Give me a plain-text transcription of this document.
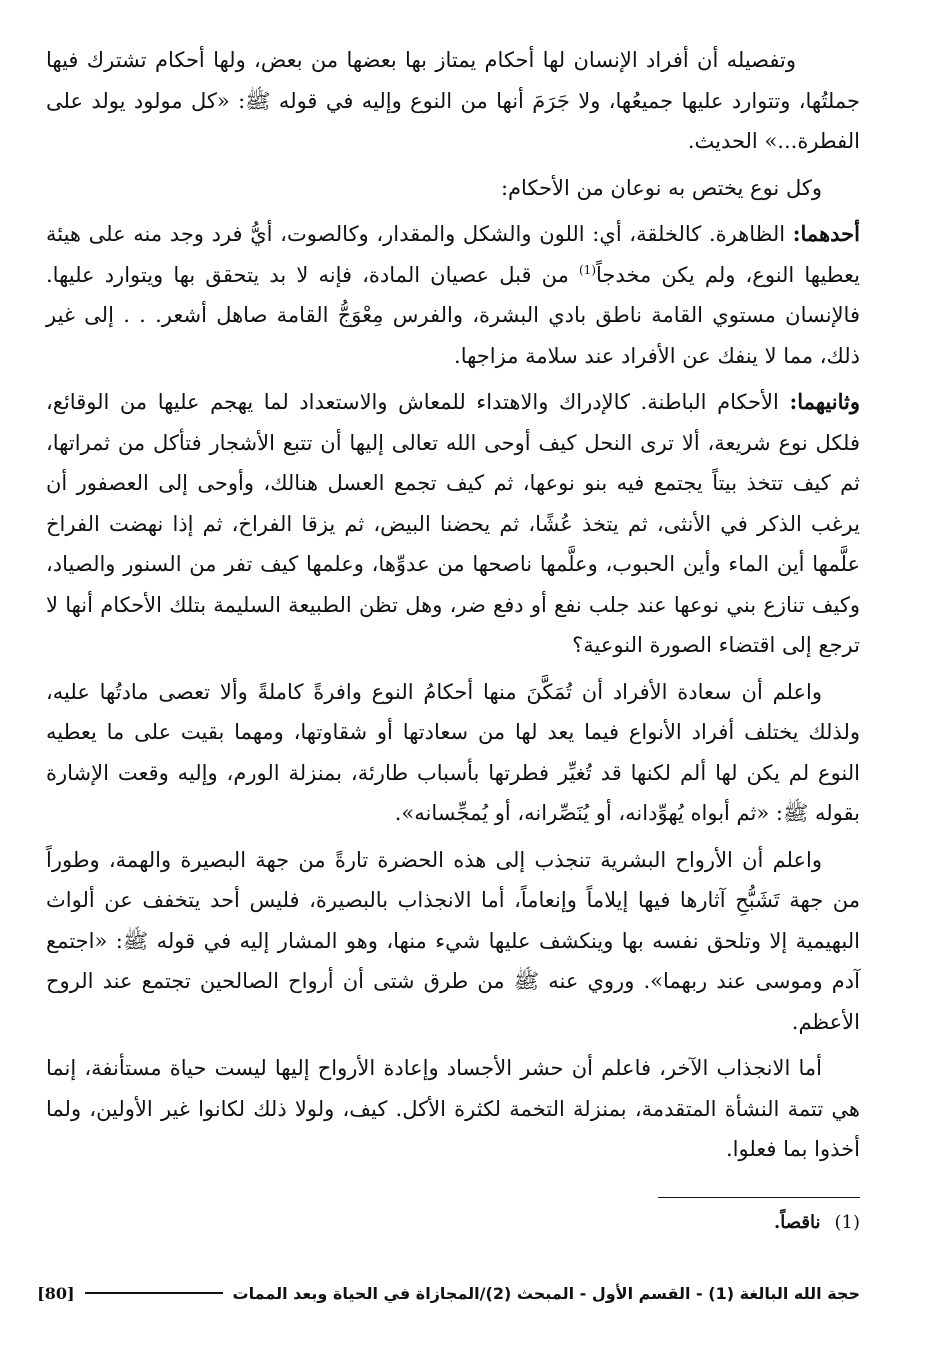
وتفصيله أن أفراد الإنسان لها أحكام يمتاز بها بعضها من بعض، ولها أحكام تشترك فيها جملتُها، وتتوارد عليها جميعُها، ولا جَرَمَ أنها من النوع وإليه في قوله ﷺ: «كل مولود يولد على الفطرة...» الحديث.

وكل نوع يختص به نوعان من الأحكام:

أحدهما: الظاهرة. كالخلقة، أي: اللون والشكل والمقدار، وكالصوت، أيُّ فرد وجد منه على هيئة يعطيها النوع، ولم يكن مخدجاً$^{(1)}$ من قبل عصيان المادة، فإنه لا بد يتحقق بها ويتوارد عليها. فالإنسان مستوي القامة ناطق بادي البشرة، والفرس مِعْوَجُّ القامة صاهل أشعر. . . إلى غير ذلك، مما لا ينفك عن الأفراد عند سلامة مزاجها.

وثانيهما: الأحكام الباطنة. كالإدراك والاهتداء للمعاش والاستعداد لما يهجم عليها من الوقائع، فلكل نوع شريعة، ألا ترى النحل كيف أوحى الله تعالى إليها أن تتبع الأشجار فتأكل من ثمراتها، ثم كيف تتخذ بيتاً يجتمع فيه بنو نوعها، ثم كيف تجمع العسل هنالك، وأوحى إلى العصفور أن يرغب الذكر في الأنثى، ثم يتخذ عُشًا، ثم يحضنا البيض، ثم يزقا الفراخ، ثم إذا نهضت الفراخ علَّمها أين الماء وأين الحبوب، وعلَّمها ناصحها من عدوِّها، وعلمها كيف تفر من السنور والصياد، وكيف تنازع بني نوعها عند جلب نفع أو دفع ضر، وهل تظن الطبيعة السليمة بتلك الأحكام أنها لا ترجع إلى اقتضاء الصورة النوعية؟

واعلم أن سعادة الأفراد أن تُمَكَّنَ منها أحكامُ النوع وافرةً كاملةً وألا تعصى مادتُها عليه، ولذلك يختلف أفراد الأنواع فيما يعد لها من سعادتها أو شقاوتها، ومهما بقيت على ما يعطيه النوع لم يكن لها ألم لكنها قد تُغيِّر فطرتها بأسباب طارئة، بمنزلة الورم، وإليه وقعت الإشارة بقوله ﷺ: «ثم أبواه يُهوِّدانه، أو يُنَصِّرانه، أو يُمجِّسانه».

واعلم أن الأرواح البشرية تنجذب إلى هذه الحضرة تارةً من جهة البصيرة والهمة، وطوراً من جهة تَشَبُّحِ آثارها فيها إيلاماً وإنعاماً، أما الانجذاب بالبصيرة، فليس أحد يتخفف عن ألواث البهيمية إلا وتلحق نفسه بها وينكشف عليها شيء منها، وهو المشار إليه في قوله ﷺ: «اجتمع آدم وموسى عند ربهما». وروي عنه ﷺ من طرق شتى أن أرواح الصالحين تجتمع عند الروح الأعظم.

أما الانجذاب الآخر، فاعلم أن حشر الأجساد وإعادة الأرواح إليها ليست حياة مستأنفة، إنما هي تتمة النشأة المتقدمة، بمنزلة التخمة لكثرة الأكل. كيف، ولولا ذلك لكانوا غير الأولين، ولما أخذوا بما فعلوا.

(1)ناقصاً.
حجة الله البالغة (1) - القسم الأول - المبحث (2)/المجازاة في الحياة وبعد الممات
[80]
